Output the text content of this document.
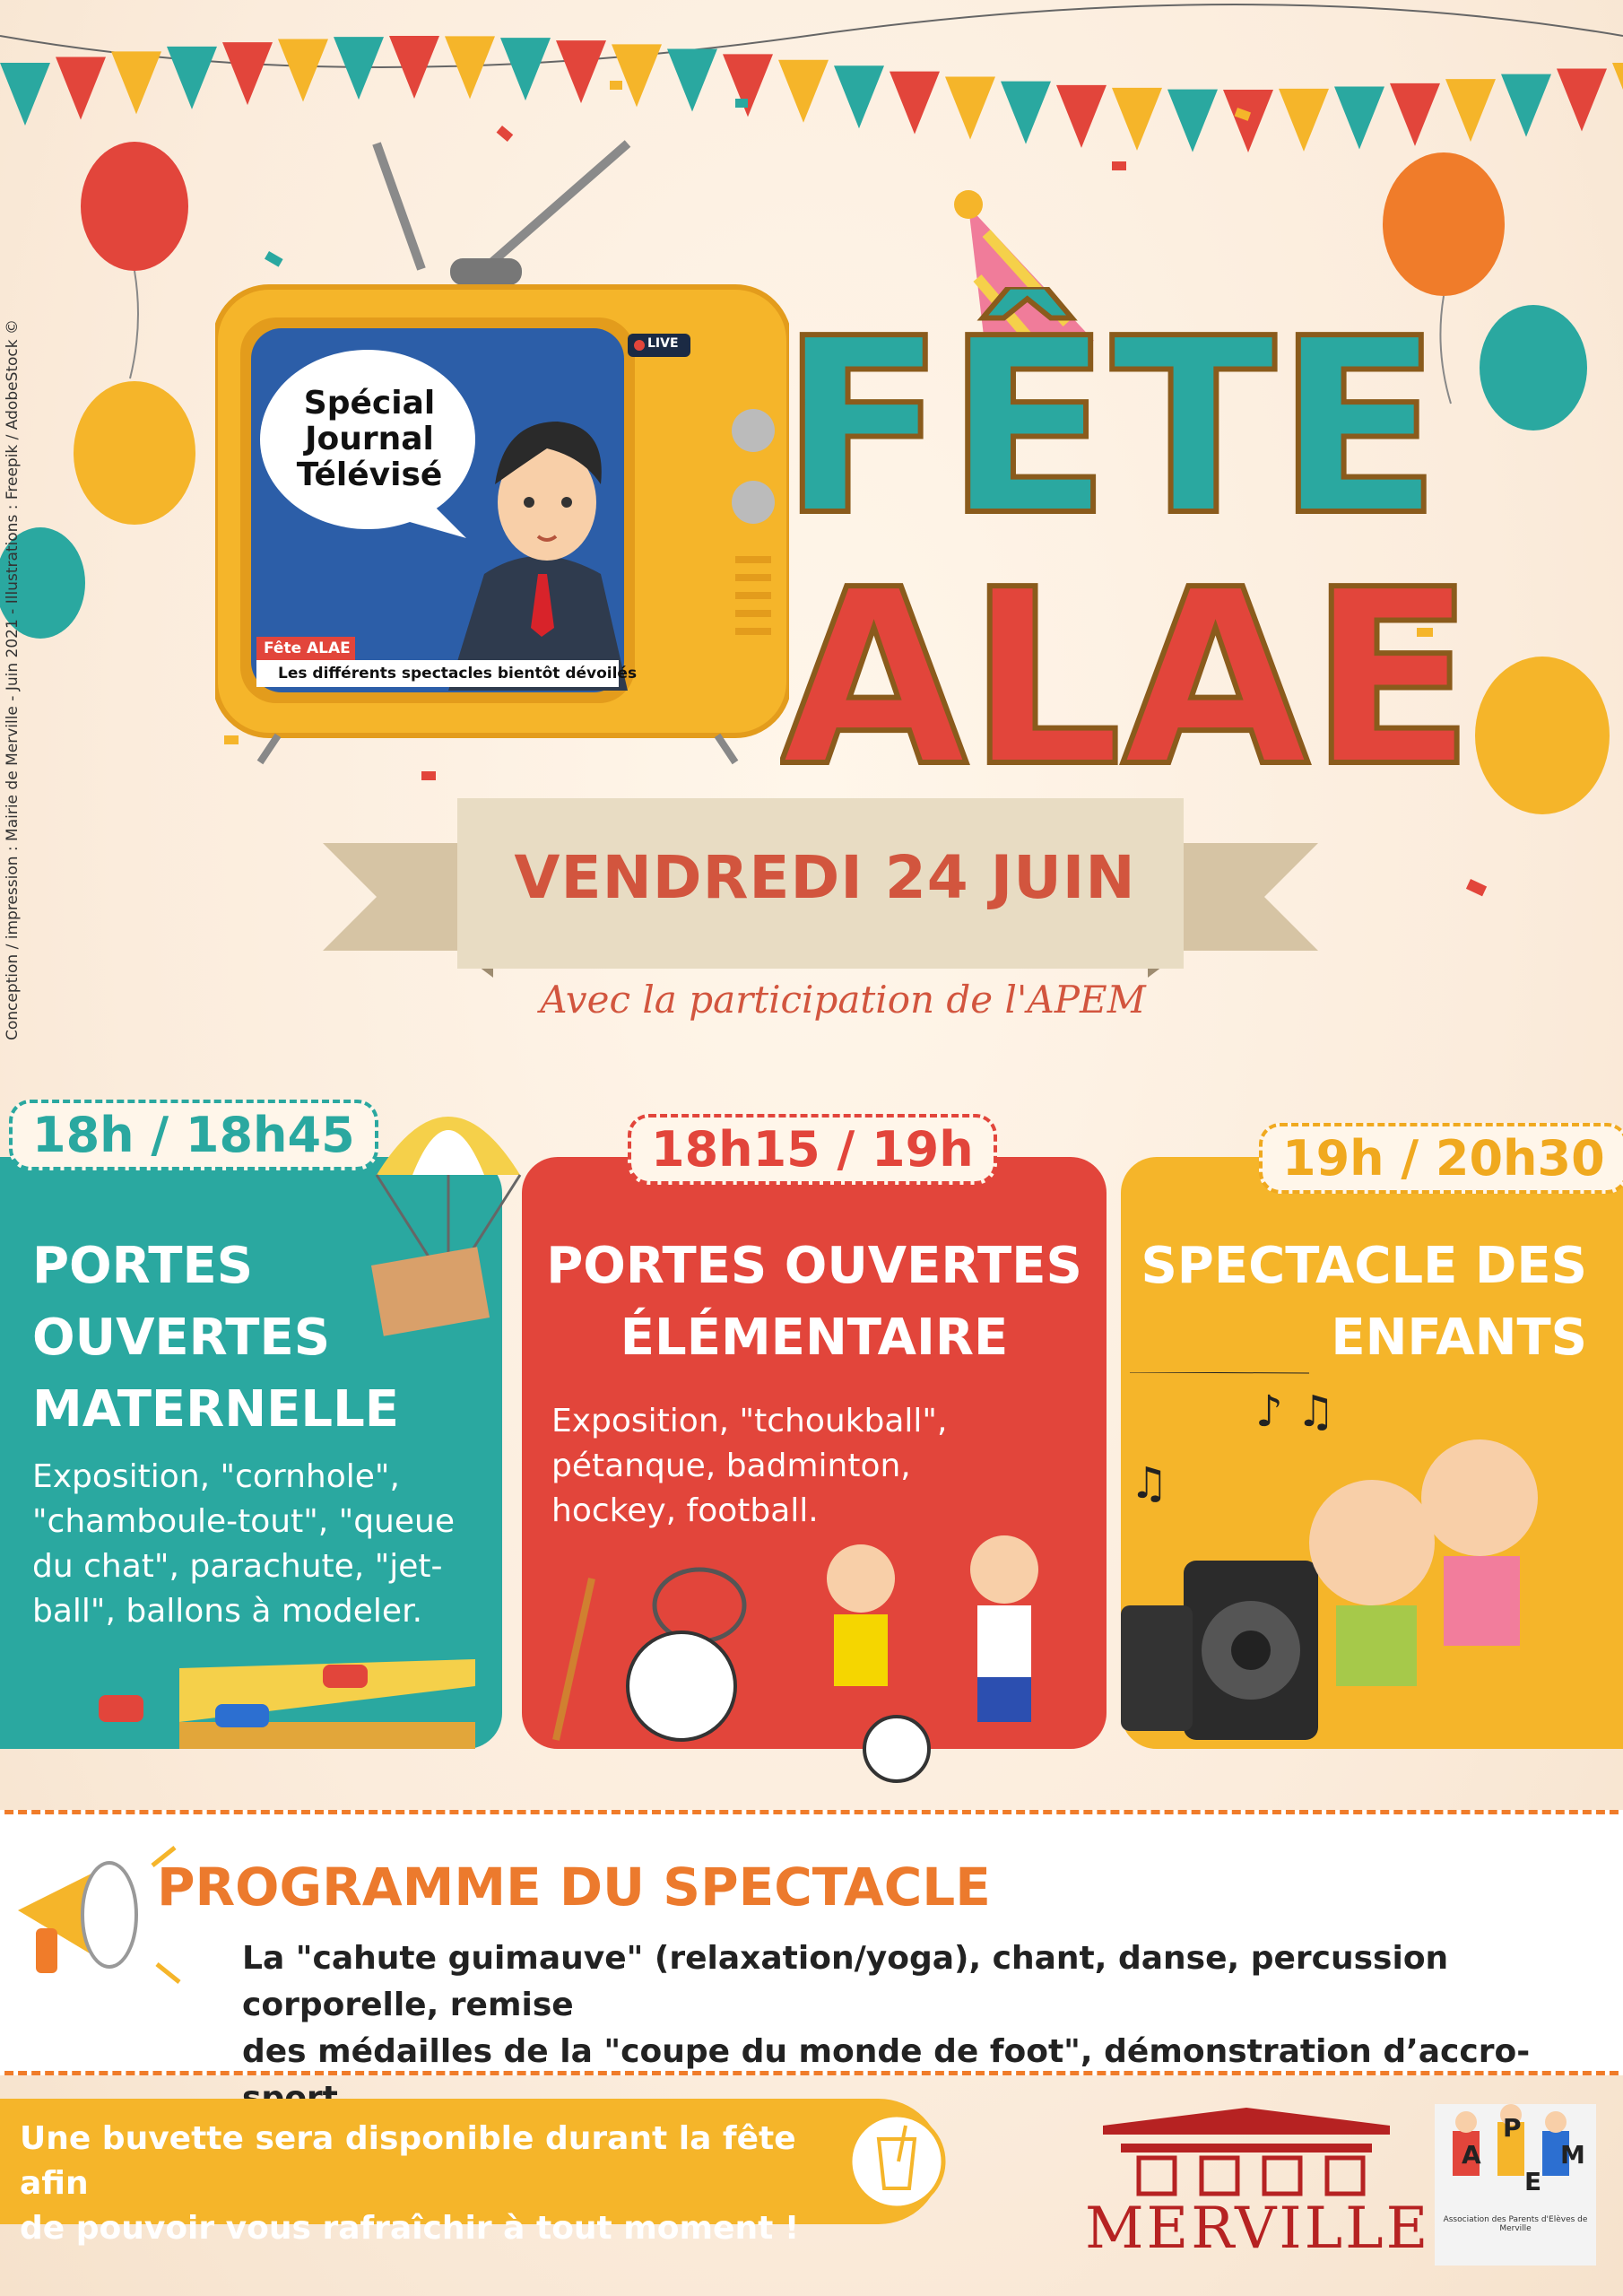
Conception / impression : Mairie de Merville - Juin 2021 - Illustrations : Freepik / AdobeStock ©	Spécial
Journal
Télévisé
LIVE
Fête ALAE
Les différents spectacles bientôt dévoilés
FÊTE
ALAE
VENDREDI 24 JUIN
Avec la participation de l'APEM
18h / 18h45	18h15 / 19h	19h / 20h30
PORTES
OUVERTES
MATERNELLE
Exposition, "cornhole",
"chamboule-tout", "queue
du chat", parachute, "jet-
ball", ballons à modeler.
PORTES OUVERTES
ÉLÉMENTAIRE
Exposition, "tchoukball",
pétanque, badminton,
hockey, football.
SPECTACLE DES
ENFANTS
♪ ♫
♫
PROGRAMME DU SPECTACLE
La "cahute guimauve" (relaxation/yoga), chant, danse, percussion corporelle, remise
des médailles de la "coupe du monde de foot", démonstration d’accro-
Une buvette sera disponible durant la fête afin
de pouvoir vous rafraîchir à tout moment !	MERVILLE
A
P
E
M
Association des Parents d'Elèves de Merville
